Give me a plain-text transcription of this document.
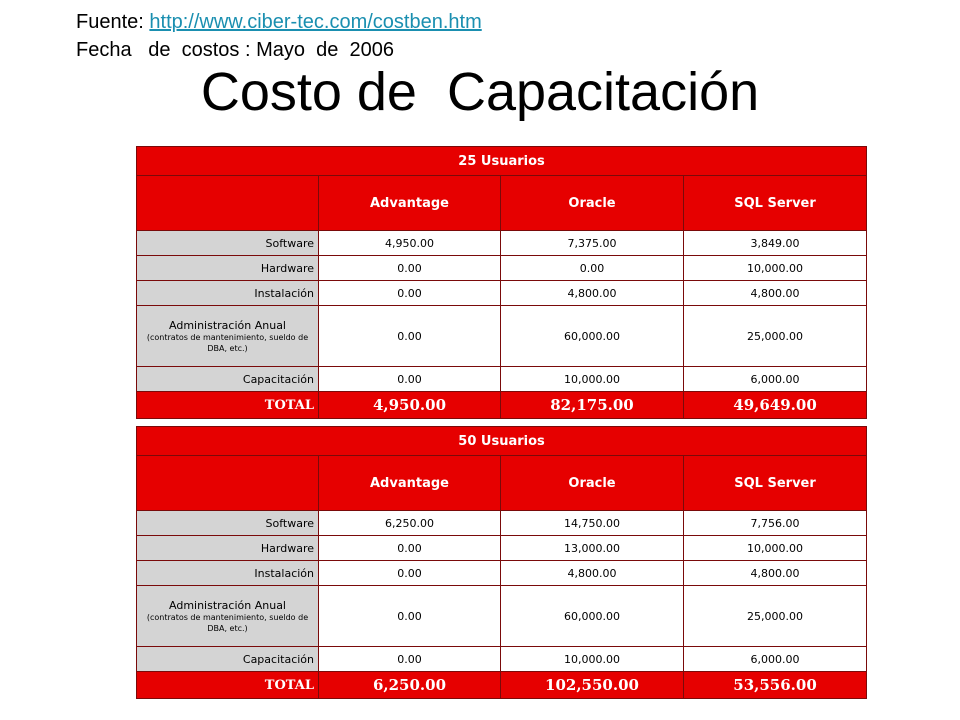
Fuente: http://www.ciber-tec.com/costben.htm
Fecha   de  costos : Mayo  de  2006
Costo de  Capacitación
25 Usuarios			
	Advantage	Oracle	SQL Server
Software	4,950.00	7,375.00	3,849.00
Hardware	0.00	0.00	10,000.00
Instalación	0.00	4,800.00	4,800.00

Administración Anual
(contratos de mantenimiento, sueldo de DBA, etc.)	0.00	60,000.00	25,000.00
Capacitación	0.00	10,000.00	6,000.00
TOTAL	4,950.00	82,175.00	49,649.00
50 Usuarios			
	Advantage	Oracle	SQL Server
Software	6,250.00	14,750.00	7,756.00
Hardware	0.00	13,000.00	10,000.00
Instalación	0.00	4,800.00	4,800.00

Administración Anual
(contratos de mantenimiento, sueldo de DBA, etc.)	0.00	60,000.00	25,000.00
Capacitación	0.00	10,000.00	6,000.00
TOTAL	6,250.00	102,550.00	53,556.00
